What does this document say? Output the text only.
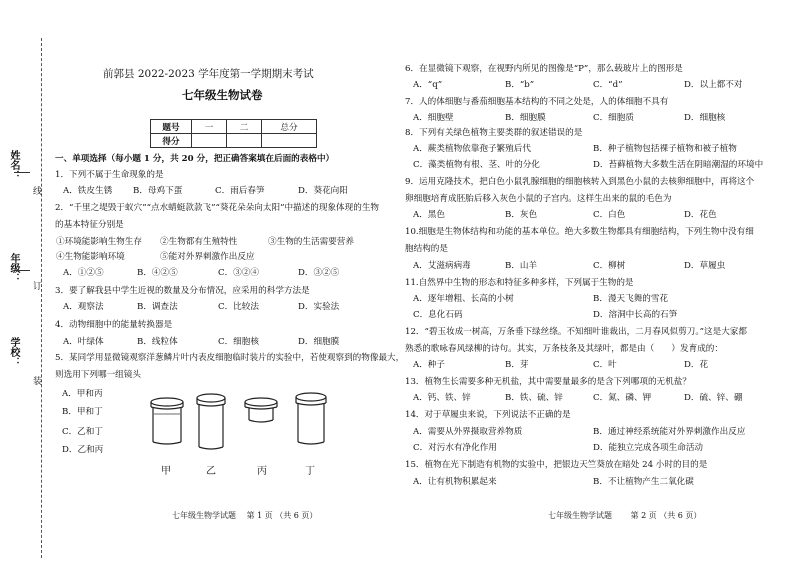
姓名：
年级：
学校：
线
订
装
前郭县 2022-2023 学年度第一学期期末考试
七年级生物试卷
题号	一	二	总分
得分			
一、单项选择（每小题 1 分，共 20 分，把正确答案填在后面的表格中）
1．下列不属于生命现象的是
A．铁皮生锈 B．母鸡下蛋	C．雨后春笋	D．葵花向阳
2．“千里之堤毁于蚁穴”“点水蜻蜓款款飞”“葵花朵朵向太阳”中描述的现象体现的生物
的基本特征分别是
①环境能影响生物生存 ②生物都有生殖特性	③生物的生活需要营养
④生物能影响环境	⑤能对外界刺激作出反应
A．①②⑤	B．④②⑤	C．③②④	D．③②⑤
3．要了解我县中学生近视的数量及分布情况，应采用的科学方法是
A．观察法	B．调查法	C．比较法	D．实验法
4．动物细胞中的能量转换器是
A．叶绿体	B．线粒体	C．细胞核	D．细胞膜
5．某同学用显微镜观察洋葱鳞片叶内表皮细胞临时装片的实验中，若使观察到的物像最大，
则选用下列哪一组镜头
A．甲和丙
B．甲和丁
C．乙和丁
D．乙和丙
甲	乙	丙	丁
七年级生物学试题　 第 1 页 （共 6 页）
6．在显微镜下观察，在视野内所见的图像是“P”，那么载玻片上的图形是
A．“q”	B．“b”	C．“d”	D．以上都不对
7．人的体细胞与番茄细胞基本结构的不同之处是，人的体细胞不具有
A．细胞壁	B．细胞膜	C．细胞质	D．细胞核
8．下列有关绿色植物主要类群的叙述错误的是
A．蕨类植物依靠孢子繁殖后代	B．种子植物包括裸子植物和被子植物
C．藻类植物有根、茎、叶的分化	D．苔藓植物大多数生活在阴暗潮湿的环境中
9．运用克隆技术，把白色小鼠乳腺细胞的细胞核转入到黑色小鼠的去核卵细胞中，再将这个
卵细胞培育成胚胎后移入灰色小鼠的子宫内。这样生出来的鼠的毛色为
A．黑色	B．灰色	C．白色	D．花色
10.细胞是生物体结构和功能的基本单位。绝大多数生物都具有细胞结构，下列生物中没有细
胞结构的是
A．艾滋病病毒	B．山羊	C．柳树	D．草履虫
11.自然界中生物的形态和特征多种多样，下列属于生物的是
A．逐年增粗、长高的小树	B．漫天飞舞的雪花
C．息化石码	D．溶洞中长高的石笋
12．“碧玉妆成一树高，万条垂下绿丝绦。不知细叶谁裁出，二月春风似剪刀。”这是大家都
熟悉的歌咏春风绿柳的诗句。其实，万条枝条及其绿叶，都是由（　　）发育成的：
A．种子	B．芽	C．叶	D．花
13．植物生长需要多种无机盐，其中需要量最多的是含下列哪项的无机盐？
A．钙、铁、锌	B．铁、硫、锌	C．氮、磷、钾	D．硫、锌、硼
14．对于草履虫来说，下列说法不正确的是
A．需要从外界摄取营养物质	B．通过神经系统能对外界刺激作出反应
C．对污水有净化作用	D．能独立完成各项生命活动
15．植物在光下制造有机物的实验中，把银边天竺葵放在暗处 24 小时的目的是
A．让有机物积累起来	B．不让植物产生二氧化碳
七年级生物学试题　　 第 2 页 （共 6 页）
